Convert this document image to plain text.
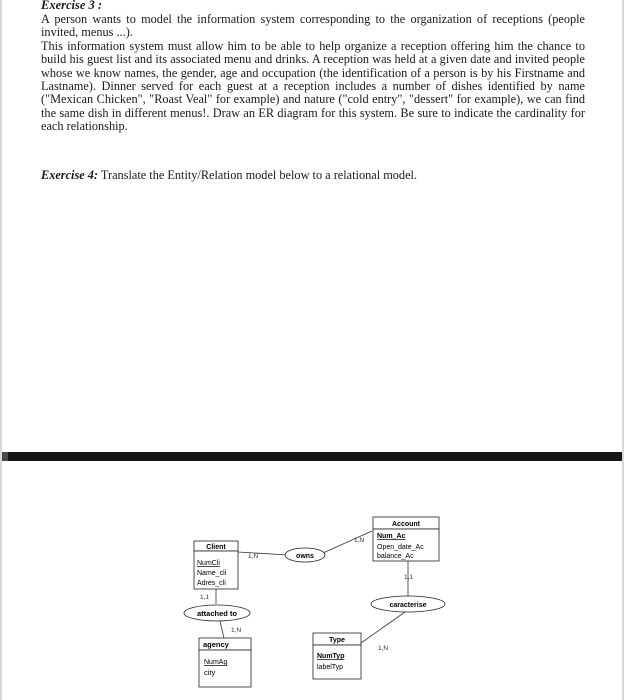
Exercise 3 :

A person wants to model the information system corresponding to the organization of receptions (people invited, menus ...).

This information system must allow him to be able to help organize a reception offering him the chance to build his guest list and its associated menu and drinks. A reception was held at a given date and invited people whose we know names, the gender, age and occupation (the identification of a person is by his Firstname and Lastname). Dinner served for each guest at a reception includes a number of dishes identified by name ("Mexican Chicken", "Roast Veal" for example) and nature ("cold entry", "dessert" for example), we can find the same dish in different menus!. Draw an ER diagram for this system. Be sure to indicate the cardinality for each relationship.

Exercise 4: Translate the Entity/Relation model below to a relational model.
Client
NumCli
Name_cli
Adres_cli
Account
Num_Ac
Open_date_Ac
balance_Ac
agency
NumAg
city
Type
NumTyp
labelTyp
owns
attached to
caracterise
1,N
1,N
1,1
1,N
1,1
1,N
